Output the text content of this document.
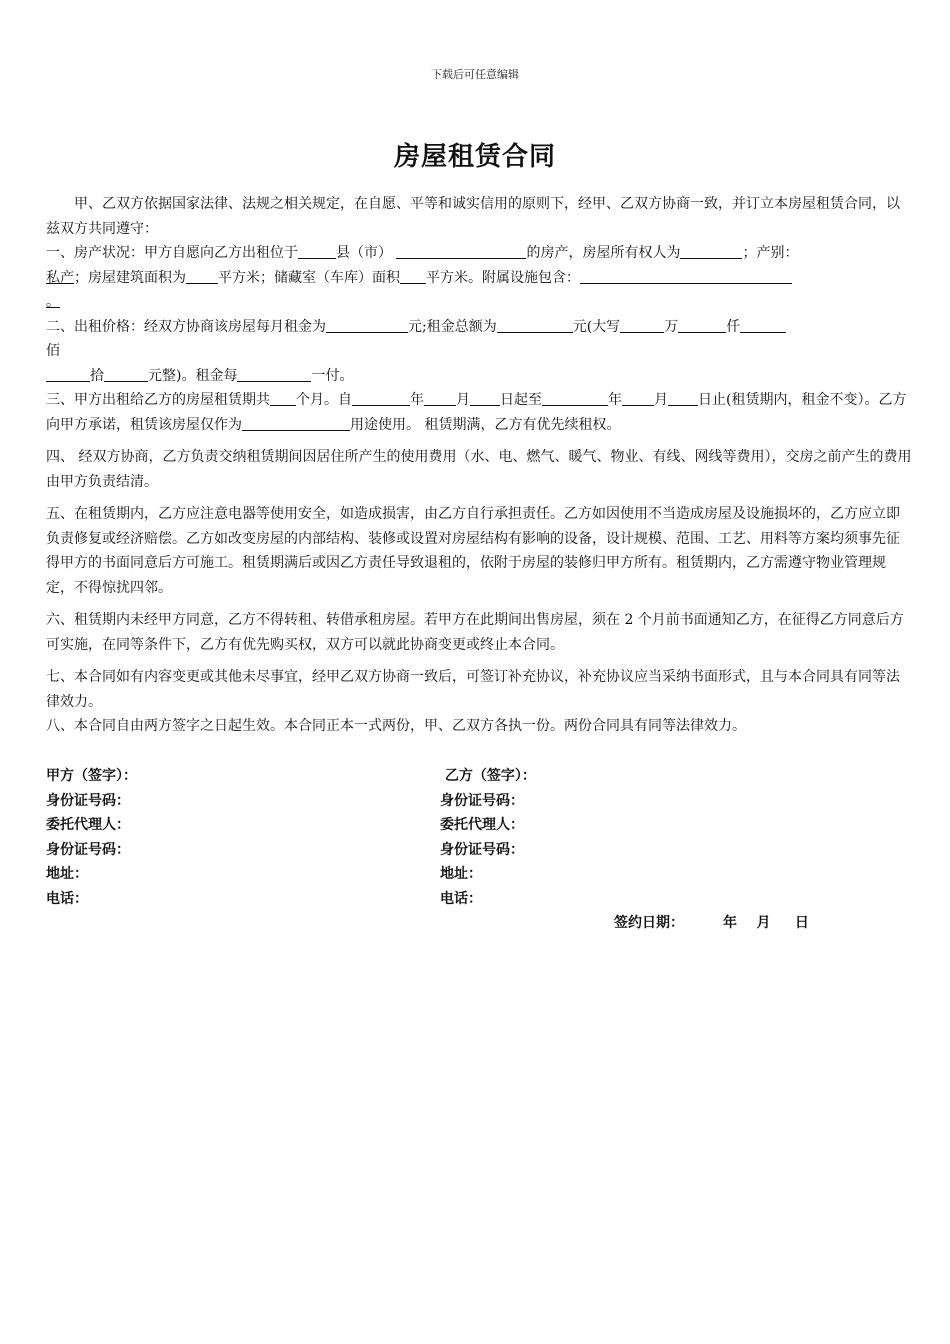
下载后可任意编辑
房屋租赁合同

甲、乙双方依据国家法律、法规之相关规定，在自愿、平等和诚实信用的原则下，经甲、乙双方协商一致，并订立本房屋租赁合同，以兹双方共同遵守：

一、房产状况：甲方自愿向乙方出租位于	县（市）	的房产，房屋所有权人为	；产别：
私产；房屋建筑面积为 平方米；储藏室（车库）面积 平方米。附属设施包含：
。

二、出租价格：经双方协商该房屋每月租金为	元;租金总额为	元(大写	万	仟
佰
拾	元整)。租金每	一付。

三、甲方出租给乙方的房屋租赁期共 个月。自	年 月 日起至	年 月 日止(租赁期内，租金不变）。乙方向甲方承诺，租赁该房屋仅作为	用途使用。 租赁期满，乙方有优先续租权。

四、 经双方协商，乙方负责交纳租赁期间因居住所产生的使用费用（水、电、燃气、暖气、物业、有线、网线等费用），交房之前产生的费用由甲方负责结清。

五、在租赁期内，乙方应注意电器等使用安全，如造成损害，由乙方自行承担责任。乙方如因使用不当造成房屋及设施损坏的，乙方应立即负责修复或经济赔偿。乙方如改变房屋的内部结构、装修或设置对房屋结构有影响的设备，设计规模、范围、工艺、用料等方案均须事先征得甲方的书面同意后方可施工。租赁期满后或因乙方责任导致退租的，依附于房屋的装修归甲方所有。租赁期内，乙方需遵守物业管理规定，不得惊扰四邻。

六、租赁期内未经甲方同意，乙方不得转租、转借承租房屋。若甲方在此期间出售房屋，须在 2 个月前书面通知乙方，在征得乙方同意后方可实施，在同等条件下，乙方有优先购买权，双方可以就此协商变更或终止本合同。

七、本合同如有内容变更或其他未尽事宜，经甲乙双方协商一致后，可签订补充协议，补充协议应当采纳书面形式，且与本合同具有同等法律效力。

八、本合同自由两方签字之日起生效。本合同正本一式两份，甲、乙双方各执一份。两份合同具有同等法律效力。

甲方（签字）：	乙方（签字）：
身份证号码：	身份证号码：
委托代理人：	委托代理人：
身份证号码：	身份证号码：
地址：	地址：
电话：	电话：
签约日期：        年    月     日
